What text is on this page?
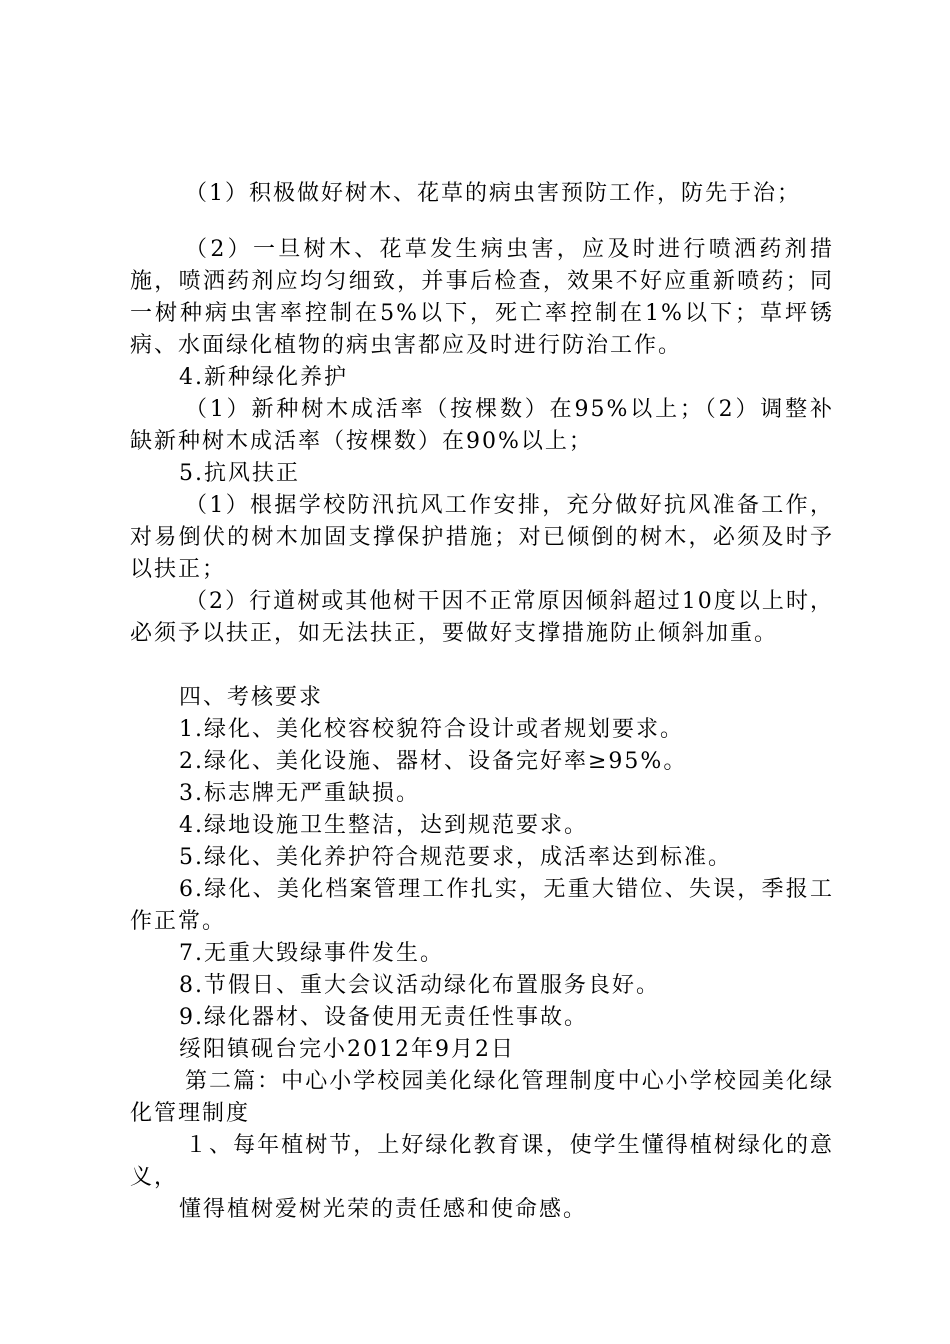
（1）积极做好树木、花草的病虫害预防工作，防先于治；

（2）一旦树木、花草发生病虫害，应及时进行喷洒药剂措施，喷洒药剂应均匀细致，并事后检查，效果不好应重新喷药；同一树种病虫害率控制在5%以下，死亡率控制在1%以下；草坪锈病、水面绿化植物的病虫害都应及时进行防治工作。

4.新种绿化养护

（1）新种树木成活率（按棵数）在95%以上；（2）调整补缺新种树木成活率（按棵数）在90%以上；

5.抗风扶正

（1）根据学校防汛抗风工作安排，充分做好抗风准备工作，对易倒伏的树木加固支撑保护措施；对已倾倒的树木，必须及时予以扶正；

（2）行道树或其他树干因不正常原因倾斜超过10度以上时，必须予以扶正，如无法扶正，要做好支撑措施防止倾斜加重。

四、考核要求

1.绿化、美化校容校貌符合设计或者规划要求。

2.绿化、美化设施、器材、设备完好率≥95%。

3.标志牌无严重缺损。

4.绿地设施卫生整洁，达到规范要求。

5.绿化、美化养护符合规范要求，成活率达到标准。

6.绿化、美化档案管理工作扎实，无重大错位、失误，季报工作正常。

7.无重大毁绿事件发生。

8.节假日、重大会议活动绿化布置服务良好。

9.绿化器材、设备使用无责任性事故。

绥阳镇砚台完小2012年9月2日

第二篇：中心小学校园美化绿化管理制度中心小学校园美化绿化管理制度

１、每年植树节，上好绿化教育课，使学生懂得植树绿化的意义，

懂得植树爱树光荣的责任感和使命感。
